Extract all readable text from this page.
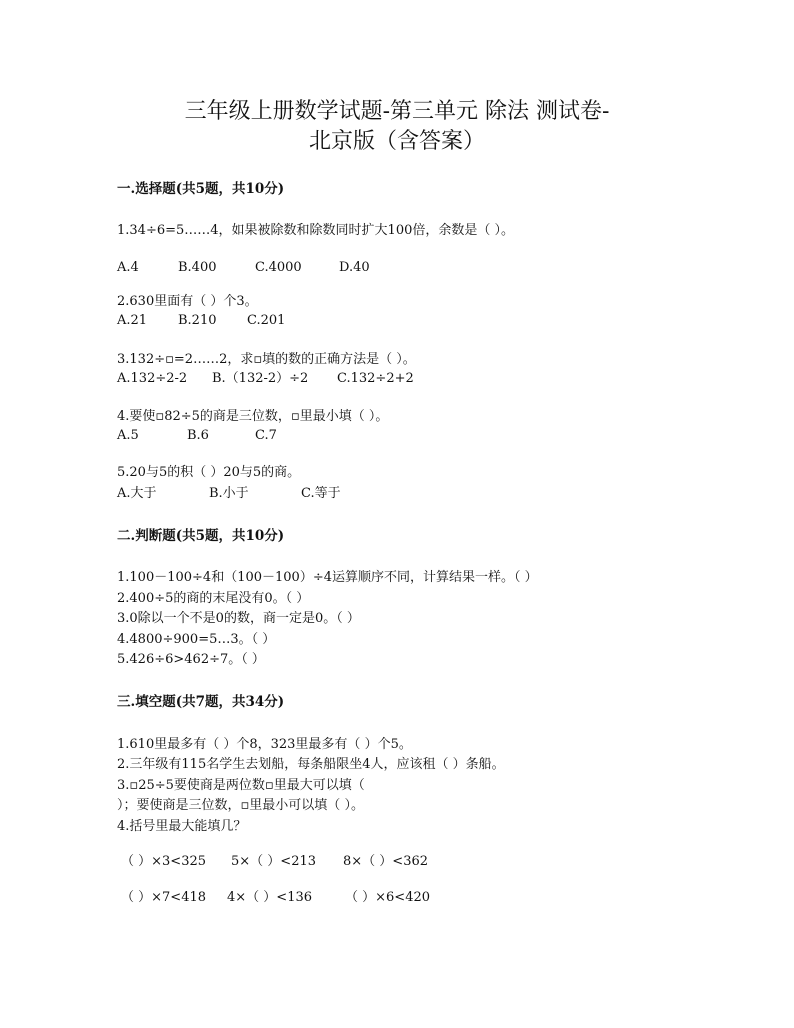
三年级上册数学试题-第三单元 除法 测试卷-
北京版（含答案）
一.选择题(共5题，共10分)
1.34÷6=5……4，如果被除数和除数同时扩大100倍，余数是（ ）。
A.4	B.400	C.4000	D.40
2.630里面有（ ）个3。
A.21 B.210 C.201
3.132÷▫=2……2，求▫填的数的正确方法是（ ）。
A.132÷2-2 B.（132-2）÷2 C.132÷2+2
4.要使▫82÷5的商是三位数，▫里最小填（ ）。
A.5	B.6	C.7
5.20与5的积（ ）20与5的商。
A.大于	B.小于	C.等于
二.判断题(共5题，共10分)
1.100－100÷4和（100－100）÷4运算顺序不同，计算结果一样。（ ）
2.400÷5的商的末尾没有0。（ ）
3.0除以一个不是0的数，商一定是0。（ ）
4.4800÷900=5…3。（ ）
5.426÷6>462÷7。（ ）
三.填空题(共7题，共34分)
1.610里最多有（ ）个8，323里最多有（ ）个5。
2.三年级有115名学生去划船，每条船限坐4人，应该租（ ）条船。
3.▫25÷5要使商是两位数▫里最大可以填（
）；要使商是三位数，▫里最小可以填（ ）。
4.括号里最大能填几？
（ ）×3<325 5×（ ）<213 8×（ ）<362
（ ）×7<418 4×（ ）<136	（ ）×6<420
